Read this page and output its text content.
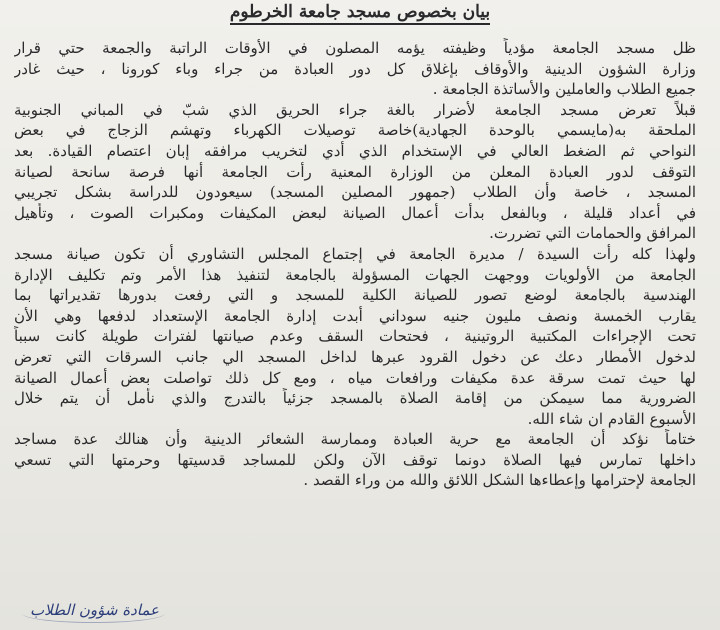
بيان بخصوص مسجد جامعة الخرطوم
ظل مسجد الجامعة مؤدياً وظيفته يؤمه المصلون في الأوقات الراتبة والجمعة حتي قرار
وزارة الشؤون الدينية والأوقاف بإغلاق كل دور العبادة من جراء وباء كورونا ، حيث غادر
جميع الطلاب والعاملين والأساتذة الجامعة .
قبلاً تعرض مسجد الجامعة لأضرار بالغة جراء الحريق الذي شبّ في المباني الجنوبية
الملحقة به(مايسمي بالوحدة الجهادية)خاصة توصيلات الكهرباء وتهشم الزجاج في بعض
النواحي ثم الضغط العالي في الإستخدام الذي أدي لتخريب مرافقه إبان اعتصام القيادة. بعد
التوقف لدور العبادة المعلن من الوزارة المعنية رأت الجامعة أنها فرصة سانحة لصيانة
المسجد ، خاصة وأن الطلاب (جمهور المصلين المسجد) سيعودون للدراسة بشكل تجريبي
في أعداد قليلة ، وبالفعل بدأت أعمال الصيانة لبعض المكيفات ومكبرات الصوت ، وتأهيل
المرافق والحمامات التي تضررت.
ولهذا كله رأت السيدة / مديرة الجامعة في إجتماع المجلس التشاوري أن تكون صيانة مسجد
الجامعة من الأولويات ووجهت الجهات المسؤولة بالجامعة لتنفيذ هذا الأمر وتم تكليف الإدارة
الهندسية بالجامعة لوضع تصور للصيانة الكلية للمسجد و التي رفعت بدورها تقديراتها بما
يقارب الخمسة ونصف مليون جنيه سوداني أبدت إدارة الجامعة الإستعداد لدفعها وهي الأن
تحت الإجراءات المكتبية الروتينية ، فحتحات السقف وعدم صيانتها لفترات طويلة كانت سبباً
لدخول الأمطار دعك عن دخول القرود عبرها لداخل المسجد الي جانب السرقات التي تعرض
لها حيث تمت سرقة عدة مكيفات ورافعات مياه ، ومع كل ذلك تواصلت بعض أعمال الصيانة
الضرورية مما سيمكن من إقامة الصلاة بالمسجد جزئياً بالتدرج والذي نأمل أن يتم خلال
الأسبوع القادم ان شاء الله.
ختاماً نؤكد أن الجامعة مع حرية العبادة وممارسة الشعائر الدينية وأن هنالك عدة مساجد
داخلها تمارس فيها الصلاة دونما توقف الآن ولكن للمساجد قدسيتها وحرمتها التي تسعي
الجامعة لإحترامها وإعطاءها الشكل اللائق والله من وراء القصد .
عمادة شؤون الطلاب
